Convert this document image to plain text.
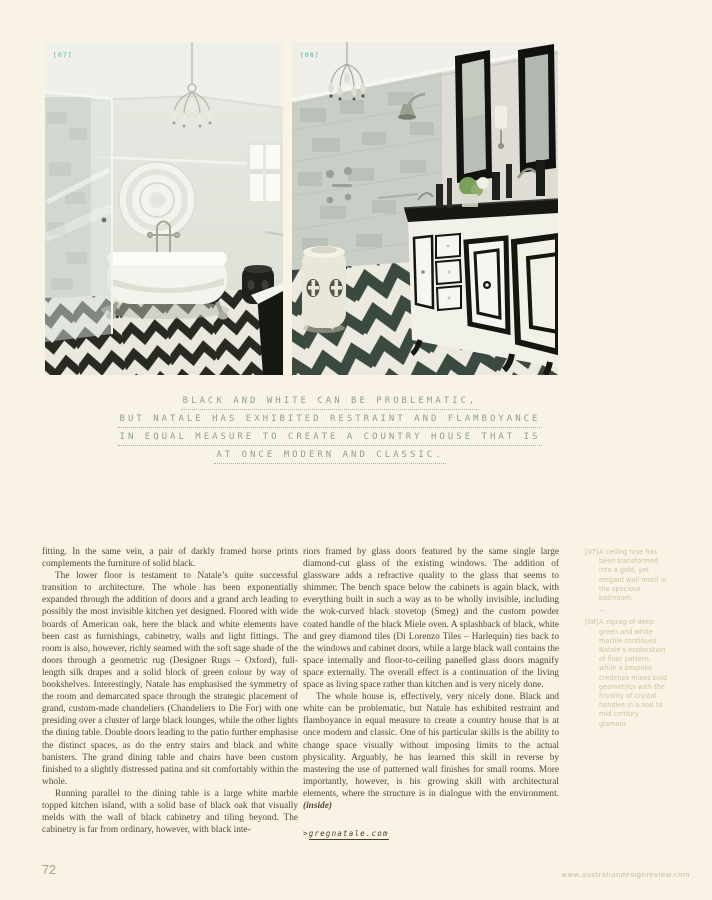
[07]	[08]
BLACK AND WHITE CAN BE PROBLEMATIC,
BUT NATALE HAS EXHIBITED RESTRAINT AND FLAMBOYANCE
IN EQUAL MEASURE TO CREATE A COUNTRY HOUSE THAT IS
AT ONCE MODERN AND CLASSIC.

fitting. In the same vein, a pair of darkly framed horse prints complements the furniture of solid black.

The lower floor is testament to Natale’s quite successful transition to architecture. The whole has been exponentially expanded through the addition of doors and a grand arch leading to possibly the most invisible kitchen yet designed. Floored with wide boards of American oak, here the black and white elements have been cast as furnishings, cabinetry, walls and light fittings. The room is also, however, richly seamed with the soft sage shade of the doors through a geometric rug (Designer Rugs – Oxford), full-length silk drapes and a solid block of green colour by way of bookshelves. Interestingly, Natale has emphasised the symmetry of the room and demarcated space through the strategic placement of grand, custom-made chandeliers (Chandeliers to Die For) with one presiding over a cluster of large black lounges, while the other lights the dining table. Double doors leading to the patio further emphasise the distinct spaces, as do the entry stairs and black and white banisters. The grand dining table and chairs have been custom finished to a slightly distressed patina and sit comfortably within the whole.

Running parallel to the dining table is a large white marble topped kitchen island, with a solid base of black oak that visually melds with the wall of black cabinetry and tiling beyond. The cabinetry is far from ordinary, however, with black inte-

riors framed by glass doors featured by the same single large diamond-cut glass of the existing windows. The addition of glassware adds a refractive quality to the glass that seems to shimmer. The bench space below the cabinets is again black, with everything built in such a way as to be wholly invisible, including the wok-curved black stovetop (Smeg) and the custom powder coated handle of the black Miele oven. A splashback of black, white and grey diamond tiles (Di Lorenzo Tiles – Harlequin) ties back to the windows and cabinet doors, while a large black wall contains the space internally and floor-to-ceiling panelled glass doors magnify space externally. The overall effect is a continuation of the living space as living space rather than kitchen and is very nicely done.

The whole house is, effectively, very nicely done. Black and white can be problematic, but Natale has exhibited restraint and flamboyance in equal measure to create a country house that is at once modern and classic. One of his particular skills is the ability to change space visually without imposing limits to the actual physicality. Arguably, he has learned this skill in reverse by mastering the use of patterned wall finishes for small rooms. More importantly, however, is his growing skill with architectural elements, where the structure is in dialogue with the environment. (inside)

>gregnatale.com
[07] A ceiling rose has been transformed into a gold, yet elegant wall motif in the spacious bathroom.
—
[08] A zigzag of deep green and white marble continues Natale’s exploration of floor pattern, while a bespoke credenza mixes bold geometrics with the frivolity of crystal handles in a nod to mid century glamour.
72	www.australiandesignreview.com
